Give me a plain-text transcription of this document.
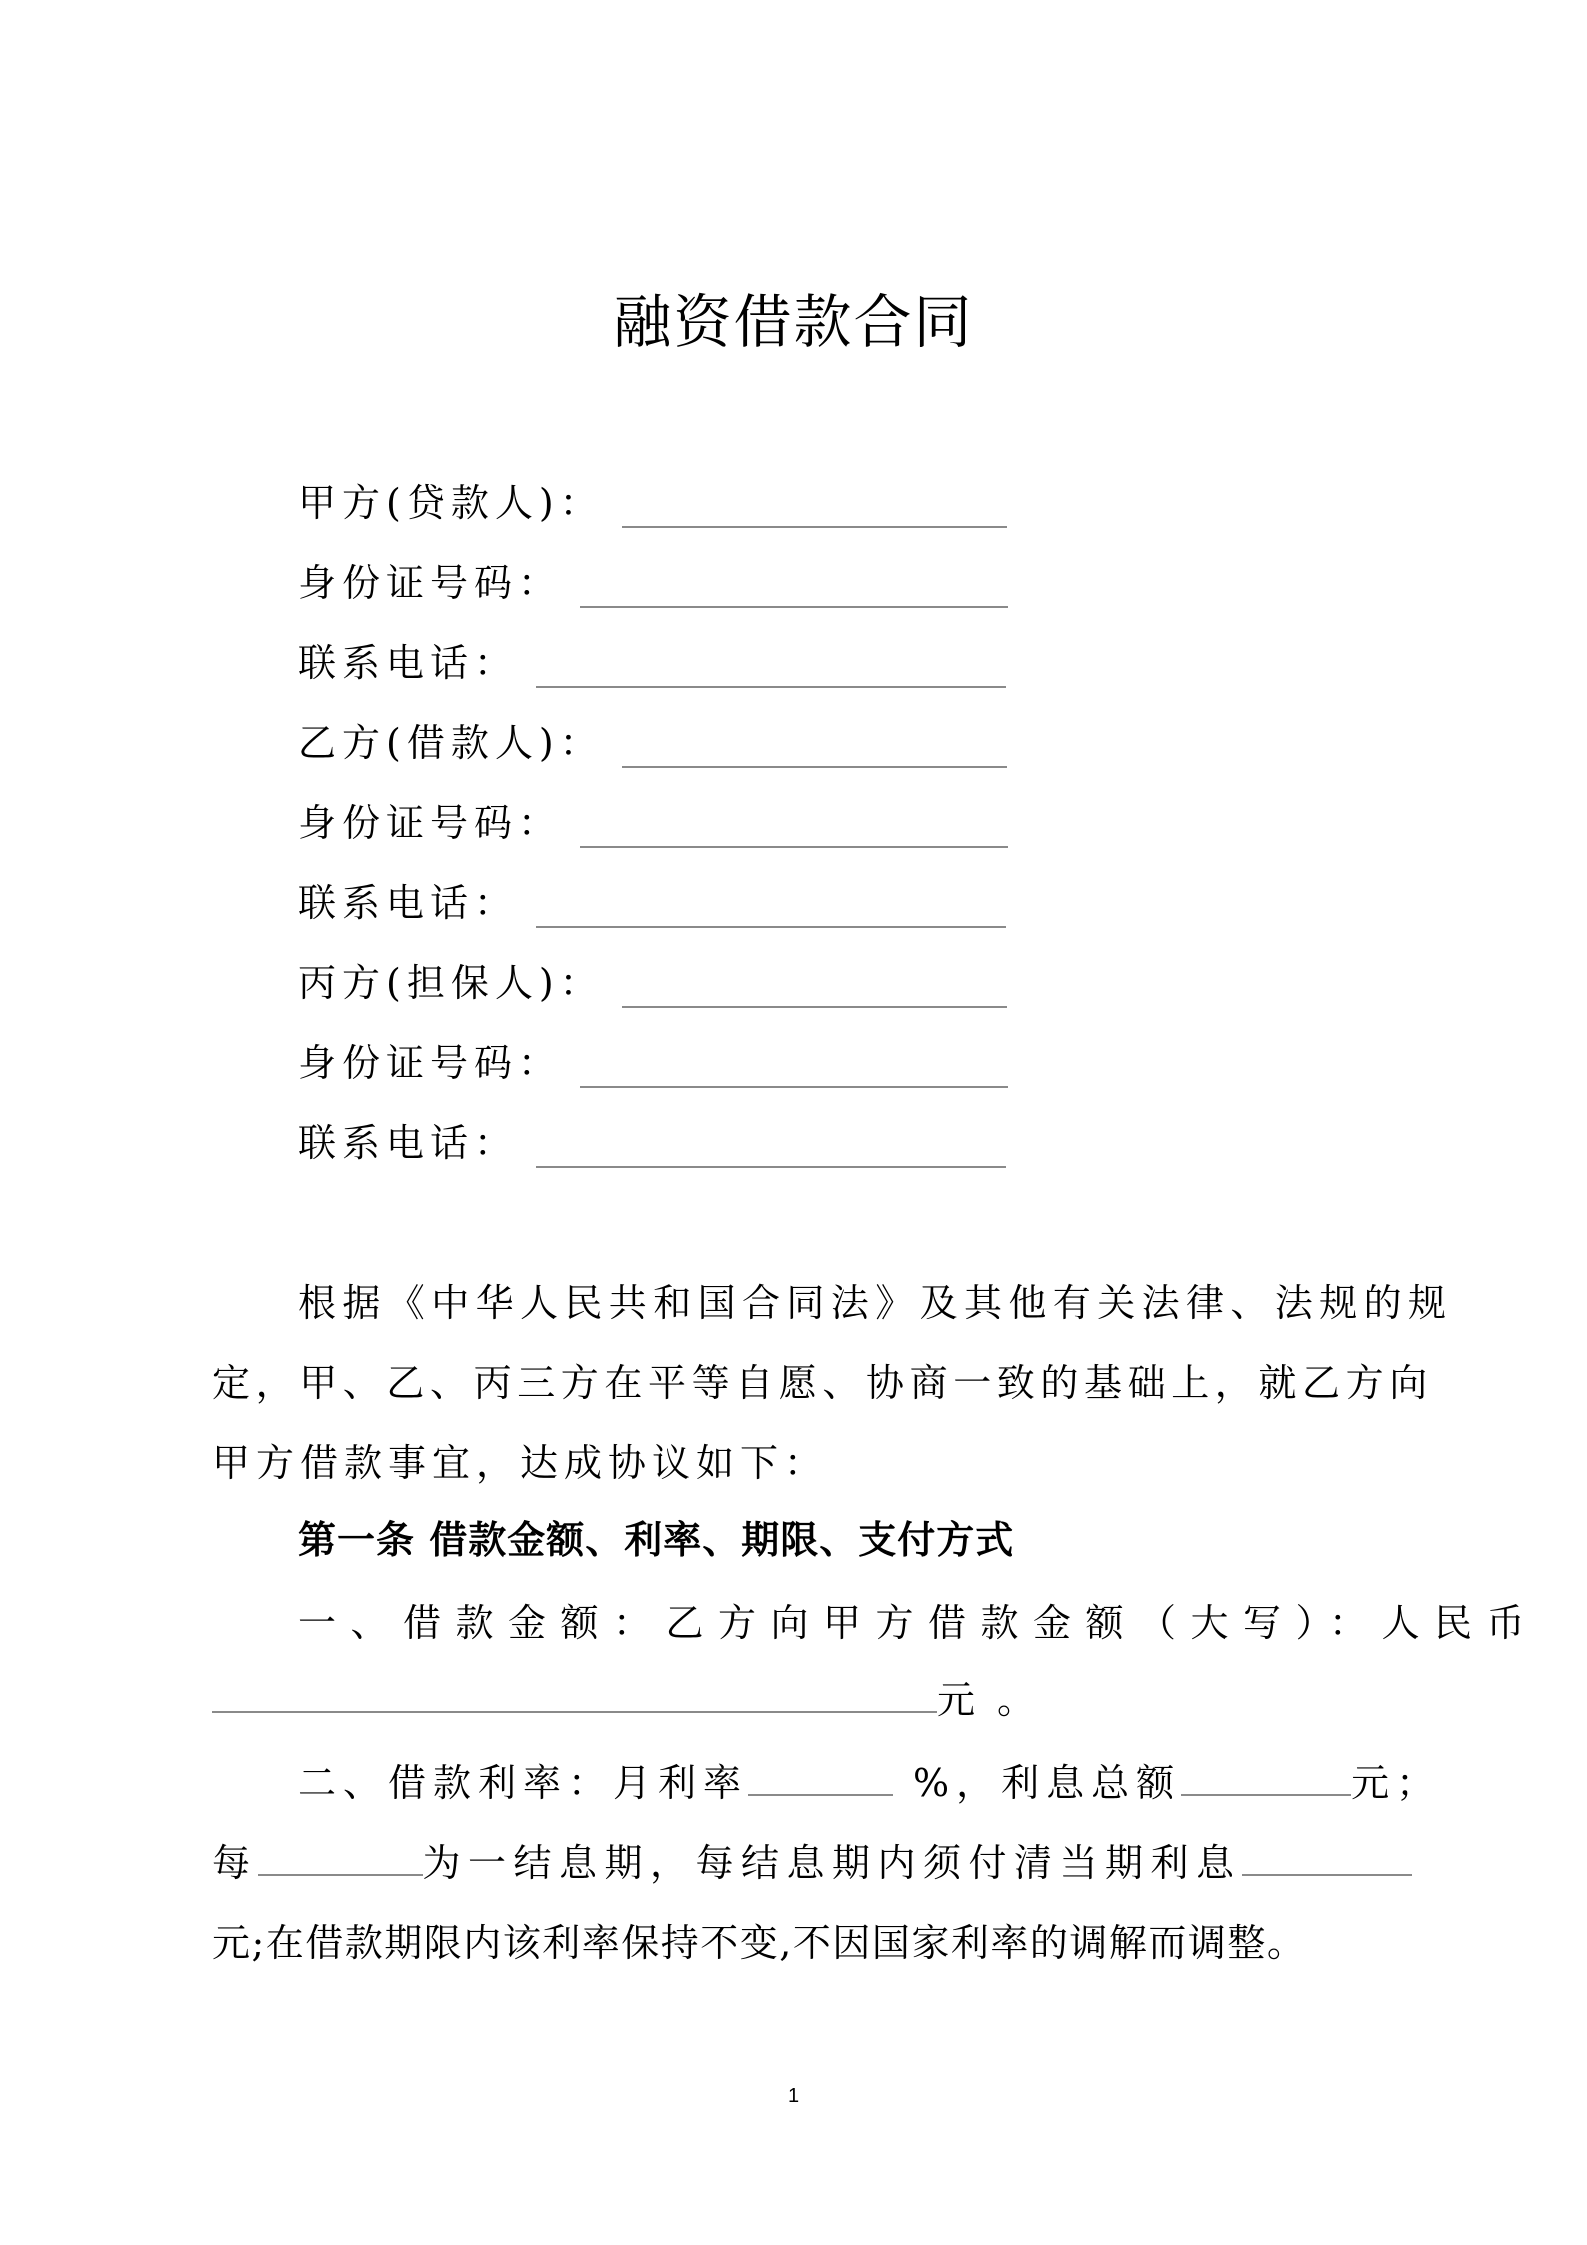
融资借款合同
甲方(贷款人)：
身份证号码：
联系电话：
乙方(借款人)：
身份证号码：
联系电话：
丙方(担保人)：
身份证号码：
联系电话：
根据《中华人民共和国合同法》及其他有关法律、法规的规
定，甲、乙、丙三方在平等自愿、协商一致的基础上，就乙方向
甲方借款事宜，达成协议如下：
第一条 借款金额、利率、期限、支付方式
一、借款金额：乙方向甲方借款金额（大写）：人民币
元 。
二、借款利率：月利率	%，利息总额	元；
每	为一结息期，每结息期内须付清当期利息
元;在借款期限内该利率保持不变,不因国家利率的调解而调整。
1
